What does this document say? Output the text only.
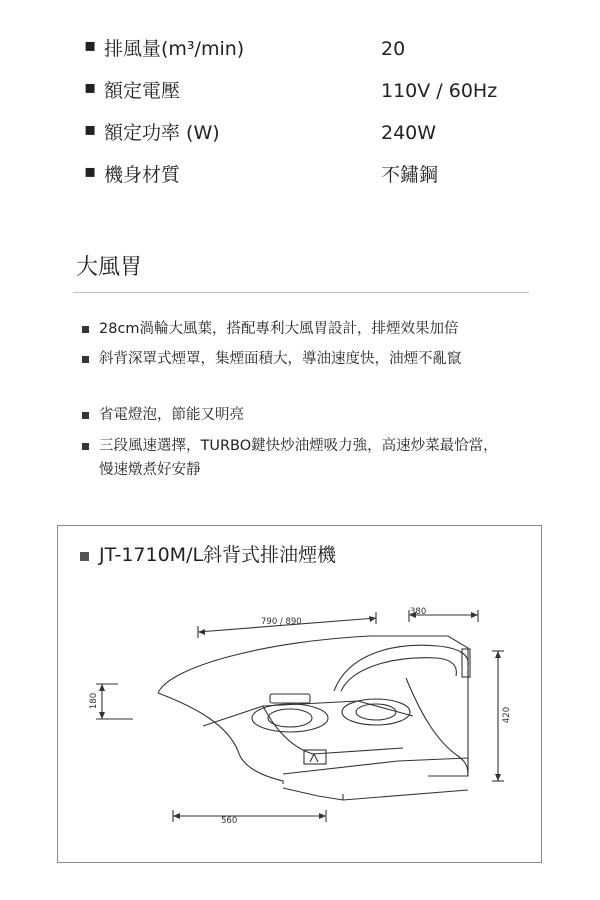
▪ 排風量(m³/min)	20
▪ 額定電壓	110V / 60Hz
▪ 額定功率 (W)	240W
▪ 機身材質	不鏽鋼
大風胃
28cm渦輪大風葉，搭配專利大風胃設計，排煙效果加倍
斜背深罩式煙罩，集煙面積大，導油速度快，油煙不亂竄
省電燈泡，節能又明亮
三段風速選擇，TURBO鍵快炒油煙吸力強，高速炒菜最恰當，慢速燉煮好安靜
JT-1710M/L斜背式排油煙機
790 / 890
380
180
420
560
